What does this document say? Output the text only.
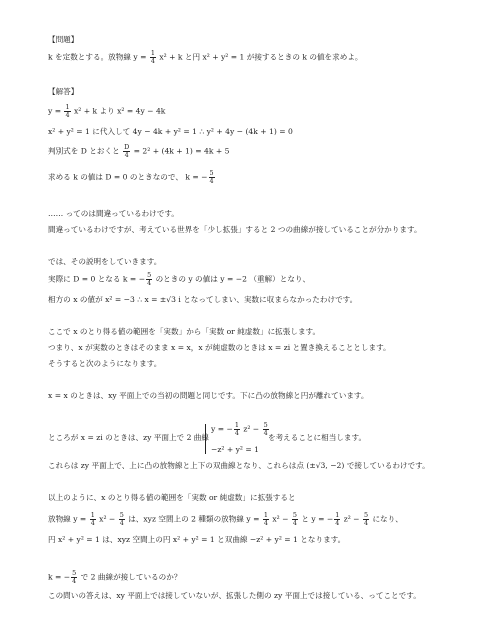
【問題】
k を定数とする。放物線 $y = \frac{1}{4} x^2 + k$ と円 x² + y² = 1 が接するときの k の値を求めよ。
【解答】
$y = \frac{1}{4} x^2 + k$ より x² = 4y − 4k
x² + y² = 1 に代入して 4y − 4k + y² = 1 ∴ y² + 4y − (4k + 1) = 0
判別式を D とおくと $\frac{D}{4} = 2^2 + (4k + 1) = 4k + 5$
求める k の値は D = 0 のときなので、 k = − $\frac{5}{4}$
…… ってのは間違っているわけです。
間違っているわけですが、考えている世界を「少し拡張」すると 2 つの曲線が接していることが分かります。
では、その説明をしていきます。
実際に D = 0 となる k = − $\frac{5}{4}$ のときの y の値は y = −2 （重解）となり、
相方の x の値が x² = −3 ∴ x = ±√3 i となってしまい、実数に収まらなかったわけです。
ここで x のとり得る値の範囲を「実数」から「実数 or 純虚数」に拡張します。
つまり、x が実数のときはそのまま x = x，x が純虚数のときは x = zi と置き換えることとします。
そうすると次のようになります。
x = x のときは、xy 平面上での当初の問題と同じです。下に凸の放物線と円が離れています。
ところが x = zi のときは、zy 平面上で 2 曲線
y = − $\frac{1}{4} z^2 - \frac{5}{4}$
−z² + y² = 1
を考えることに相当します。
これらは zy 平面上で、上に凸の放物線と上下の双曲線となり、これらは点 (±√3, −2) で接しているわけです。
以上のように、x のとり得る値の範囲を「実数 or 純虚数」に拡張すると
放物線 $y = \frac{1}{4} x^2 - \frac{5}{4}$ は、xyz 空間上の 2 種類の放物線 $y = \frac{1}{4} x^2 - \frac{5}{4}$ と y = − $\frac{1}{4} z^2 - \frac{5}{4}$ になり、
円 x² + y² = 1 は、xyz 空間上の円 x² + y² = 1 と双曲線 −z² + y² = 1 となります。
k = − $\frac{5}{4}$ で 2 曲線が接しているのか？
この問いの答えは、xy 平面上では接していないが、拡張した側の zy 平面上では接している、ってことです。
